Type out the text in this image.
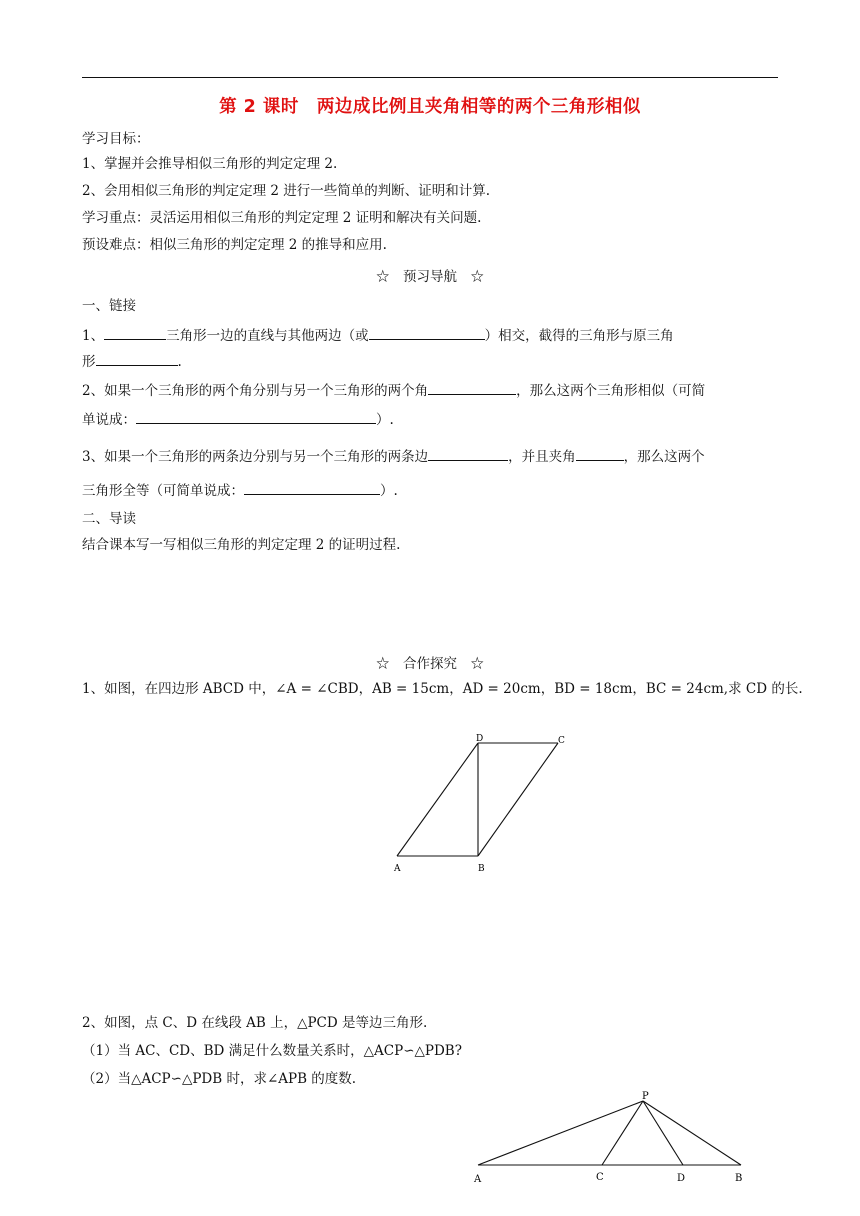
第 2 课时　两边成比例且夹角相等的两个三角形相似
学习目标：
1、掌握并会推导相似三角形的判定定理 2.
2、会用相似三角形的判定定理 2 进行一些简单的判断、证明和计算.
学习重点：灵活运用相似三角形的判定定理 2 证明和解决有关问题.
预设难点：相似三角形的判定定理 2 的推导和应用.
☆　预习导航　☆
一、链接
1、	三角形一边的直线与其他两边（或	）相交，截得的三角形与原三角
形	.
2、如果一个三角形的两个角分别与另一个三角形的两个角	，那么这两个三角形相似（可简
单说成：	）.
3、如果一个三角形的两条边分别与另一个三角形的两条边	，并且夹角	，那么这两个
三角形全等（可简单说成：	）.
二、导读
结合课本写一写相似三角形的判定定理 2 的证明过程.
☆　合作探究　☆
1、如图，在四边形 ABCD 中，∠A = ∠CBD，AB = 15cm，AD = 20cm，BD = 18cm，BC = 24cm,求 CD 的长.
A	B
C
D
2、如图，点 C、D 在线段 AB 上，△PCD 是等边三角形.
（1）当 AC、CD、BD 满足什么数量关系时，△ACP∽△PDB?
（2）当△ACP∽△PDB 时，求∠APB 的度数.
P
A	C	D	B
